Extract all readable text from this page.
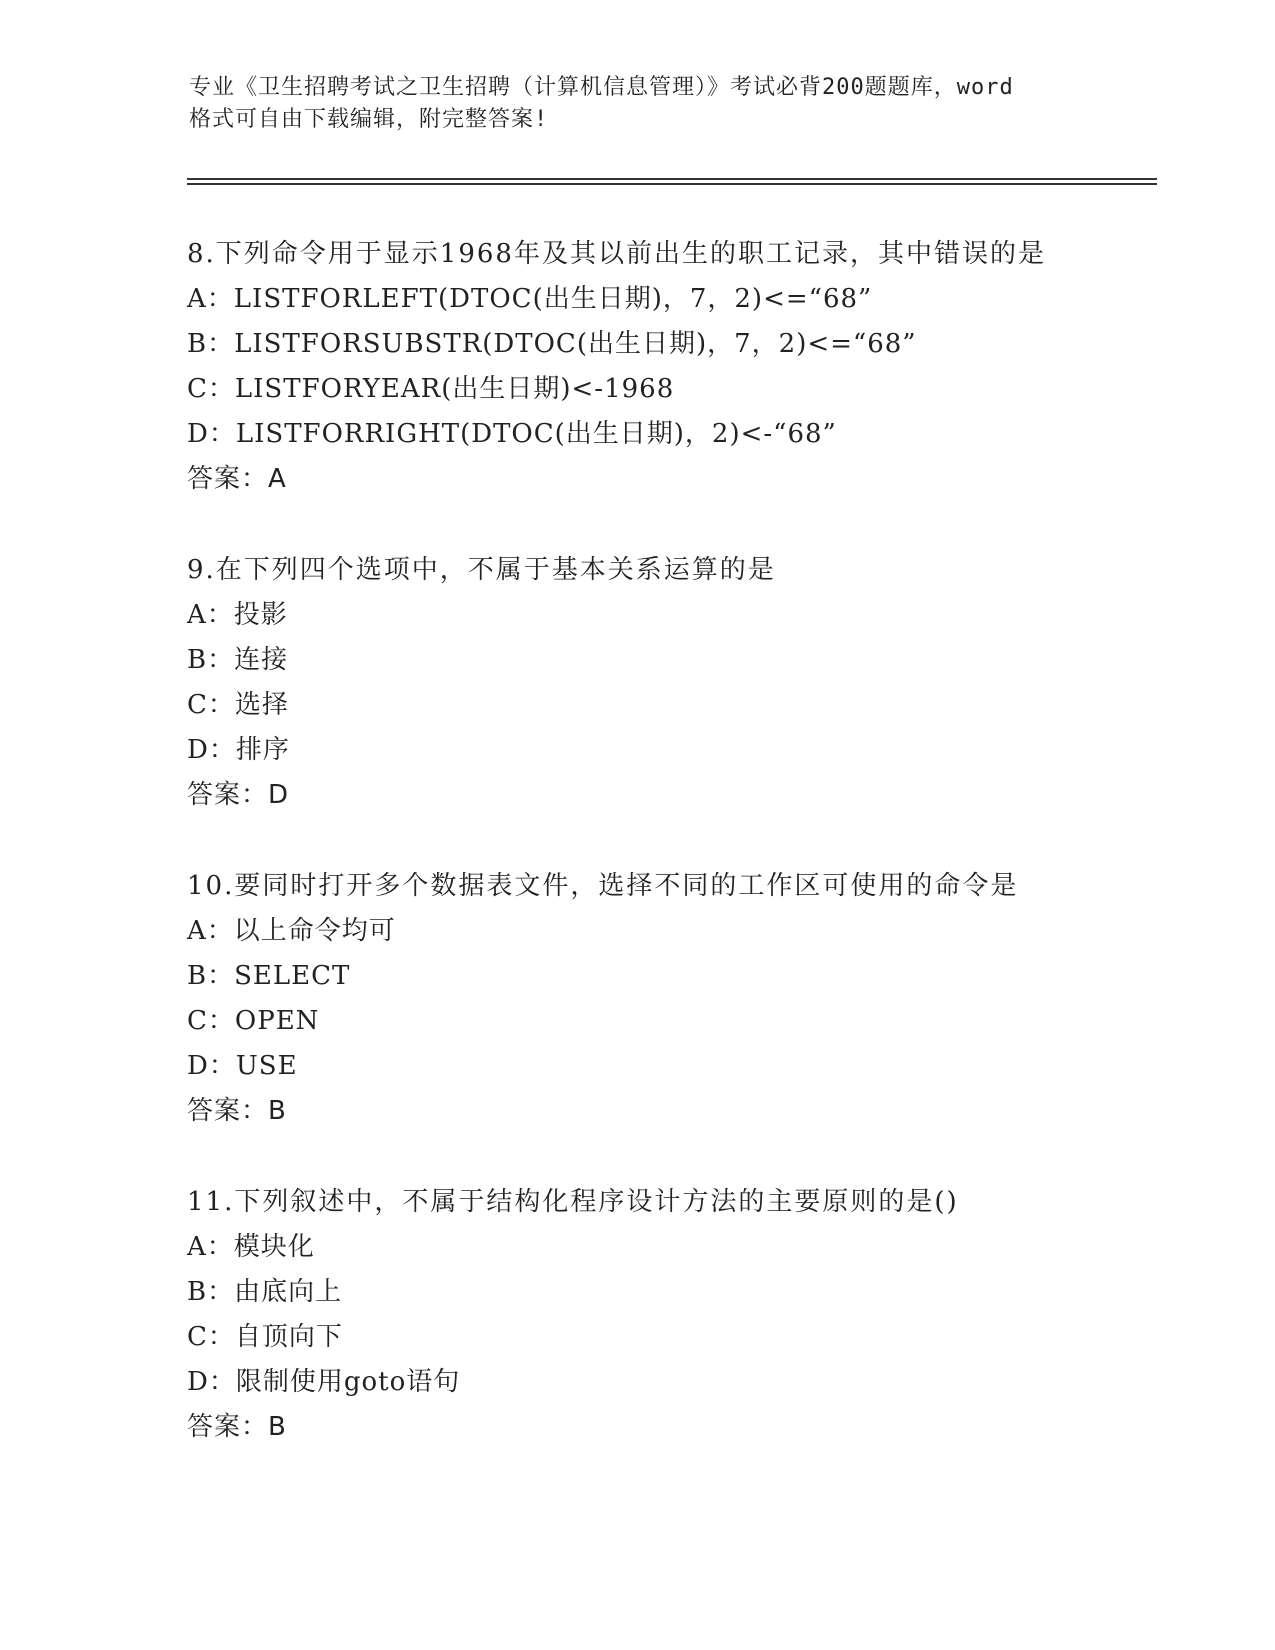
专业《卫生招聘考试之卫生招聘（计算机信息管理）》考试必背200题题库，word
格式可自由下载编辑，附完整答案!
8.下列命令用于显示1968年及其以前出生的职工记录，其中错误的是
A：LISTFORLEFT(DTOC(出生日期)，7，2)<=“68”
B：LISTFORSUBSTR(DTOC(出生日期)，7，2)<=“68”
C：LISTFORYEAR(出生日期)<-1968
D：LISTFORRIGHT(DTOC(出生日期)，2)<-“68”
答案：A
9.在下列四个选项中，不属于基本关系运算的是
A：投影
B：连接
C：选择
D：排序
答案：D
10.要同时打开多个数据表文件，选择不同的工作区可使用的命令是
A：以上命令均可
B：SELECT
C：OPEN
D：USE
答案：B
11.下列叙述中，不属于结构化程序设计方法的主要原则的是()
A：模块化
B：由底向上
C：自顶向下
D：限制使用goto语句
答案：B
